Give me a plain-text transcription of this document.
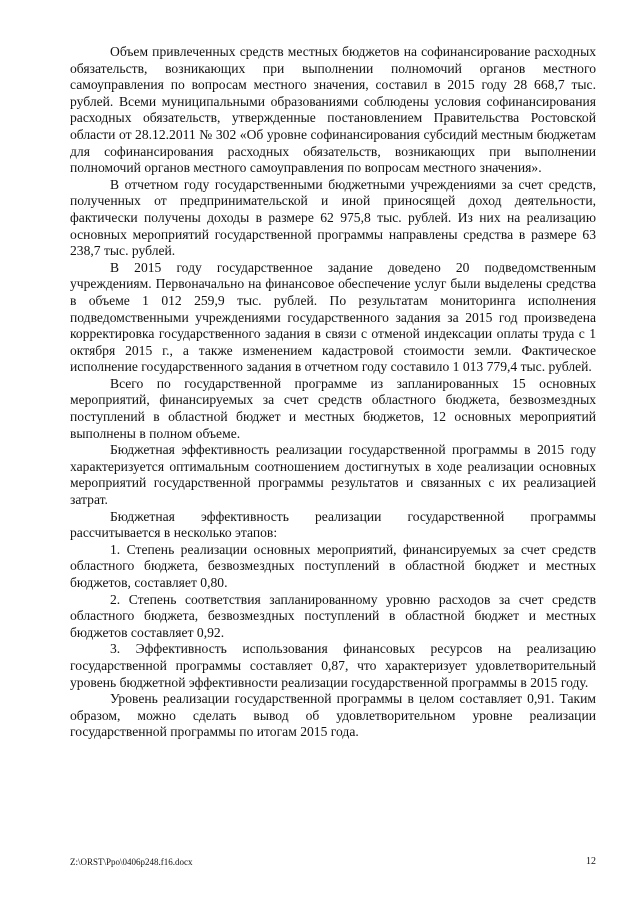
Объем привлеченных средств местных бюджетов на софинансирование расходных обязательств, возникающих при выполнении полномочий органов местного самоуправления по вопросам местного значения, составил в 2015 году 28 668,7 тыс. рублей. Всеми муниципальными образованиями соблюдены условия софинансирования расходных обязательств, утвержденные постановлением Правительства Ростовской области от 28.12.2011 № 302 «Об уровне софинансирования субсидий местным бюджетам для софинансирования расходных обязательств, возникающих при выполнении полномочий органов местного самоуправления по вопросам местного значения».

В отчетном году государственными бюджетными учреждениями за счет средств, полученных от предпринимательской и иной приносящей доход деятельности, фактически получены доходы в размере 62 975,8 тыс. рублей. Из них на реализацию основных мероприятий государственной программы направлены средства в размере 63 238,7 тыс. рублей.

В 2015 году государственное задание доведено 20 подведомственным учреждениям. Первоначально на финансовое обеспечение услуг были выделены средства в объеме 1 012 259,9 тыс. рублей. По результатам мониторинга исполнения подведомственными учреждениями государственного задания за 2015 год произведена корректировка государственного задания в связи с отменой индексации оплаты труда с 1 октября 2015 г., а также изменением кадастровой стоимости земли. Фактическое исполнение государственного задания в отчетном году составило 1 013 779,4 тыс. рублей.

Всего по государственной программе из запланированных 15 основных мероприятий, финансируемых за счет средств областного бюджета, безвозмездных поступлений в областной бюджет и местных бюджетов, 12 основных мероприятий выполнены в полном объеме.

Бюджетная эффективность реализации государственной программы в 2015 году характеризуется оптимальным соотношением достигнутых в ходе реализации основных мероприятий государственной программы результатов и связанных с их реализацией затрат.

Бюджетная эффективность реализации государственной программы рассчитывается в несколько этапов:

1. Степень реализации основных мероприятий, финансируемых за счет средств областного бюджета, безвозмездных поступлений в областной бюджет и местных бюджетов, составляет 0,80.

2. Степень соответствия запланированному уровню расходов за счет средств областного бюджета, безвозмездных поступлений в областной бюджет и местных бюджетов составляет 0,92.

3. Эффективность использования финансовых ресурсов на реализацию государственной программы составляет 0,87, что характеризует удовлетворительный уровень бюджетной эффективности реализации государственной программы в 2015 году.

Уровень реализации государственной программы в целом составляет 0,91. Таким образом, можно сделать вывод об удовлетворительном уровне реализации государственной программы по итогам 2015 года.

Z:\ORST\Ppo\0406p248.f16.docx	12
